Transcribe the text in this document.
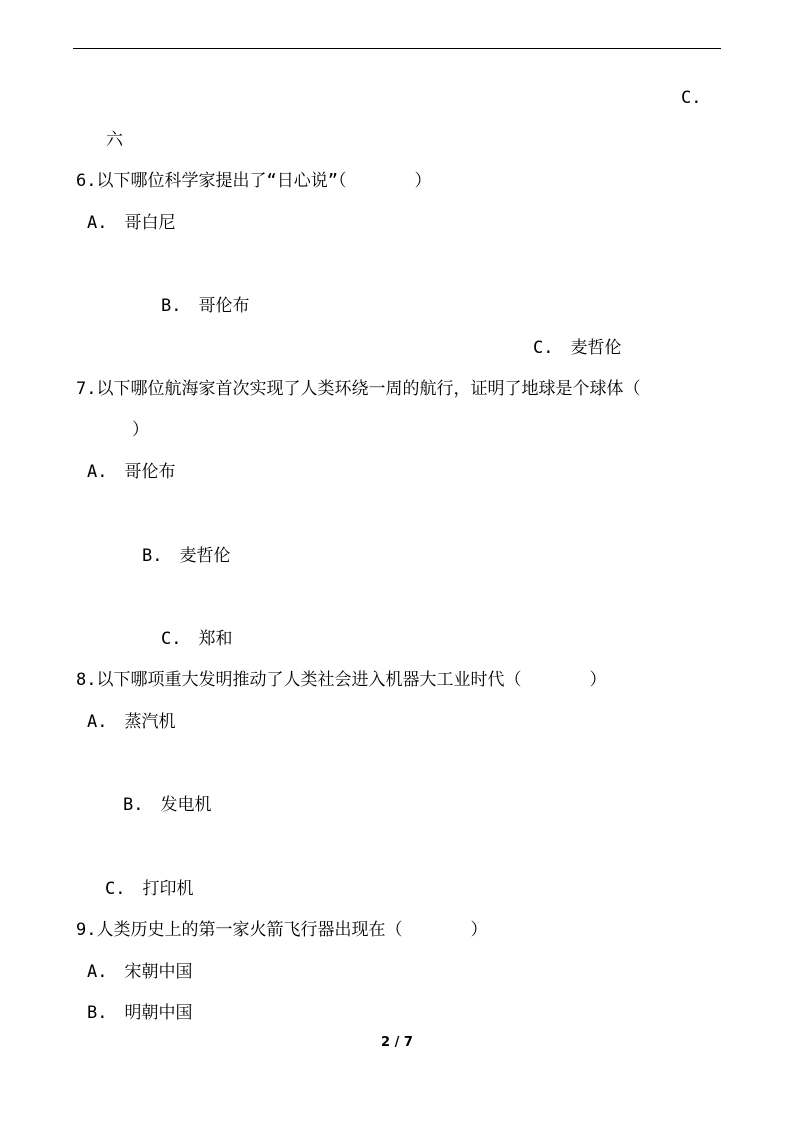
C.
六
6.以下哪位科学家提出了“日心说”（　　　　）
A.　哥白尼
B.　哥伦布
C.　麦哲伦
7.以下哪位航海家首次实现了人类环绕一周的航行，证明了地球是个球体（
）
A.　哥伦布
B.　麦哲伦
C.　郑和
8.以下哪项重大发明推动了人类社会进入机器大工业时代（　　　　）
A.　蒸汽机
B.　发电机
C.　打印机
9.人类历史上的第一家火箭飞行器出现在（　　　　）
A.　宋朝中国
B.　明朝中国
2 / 7
